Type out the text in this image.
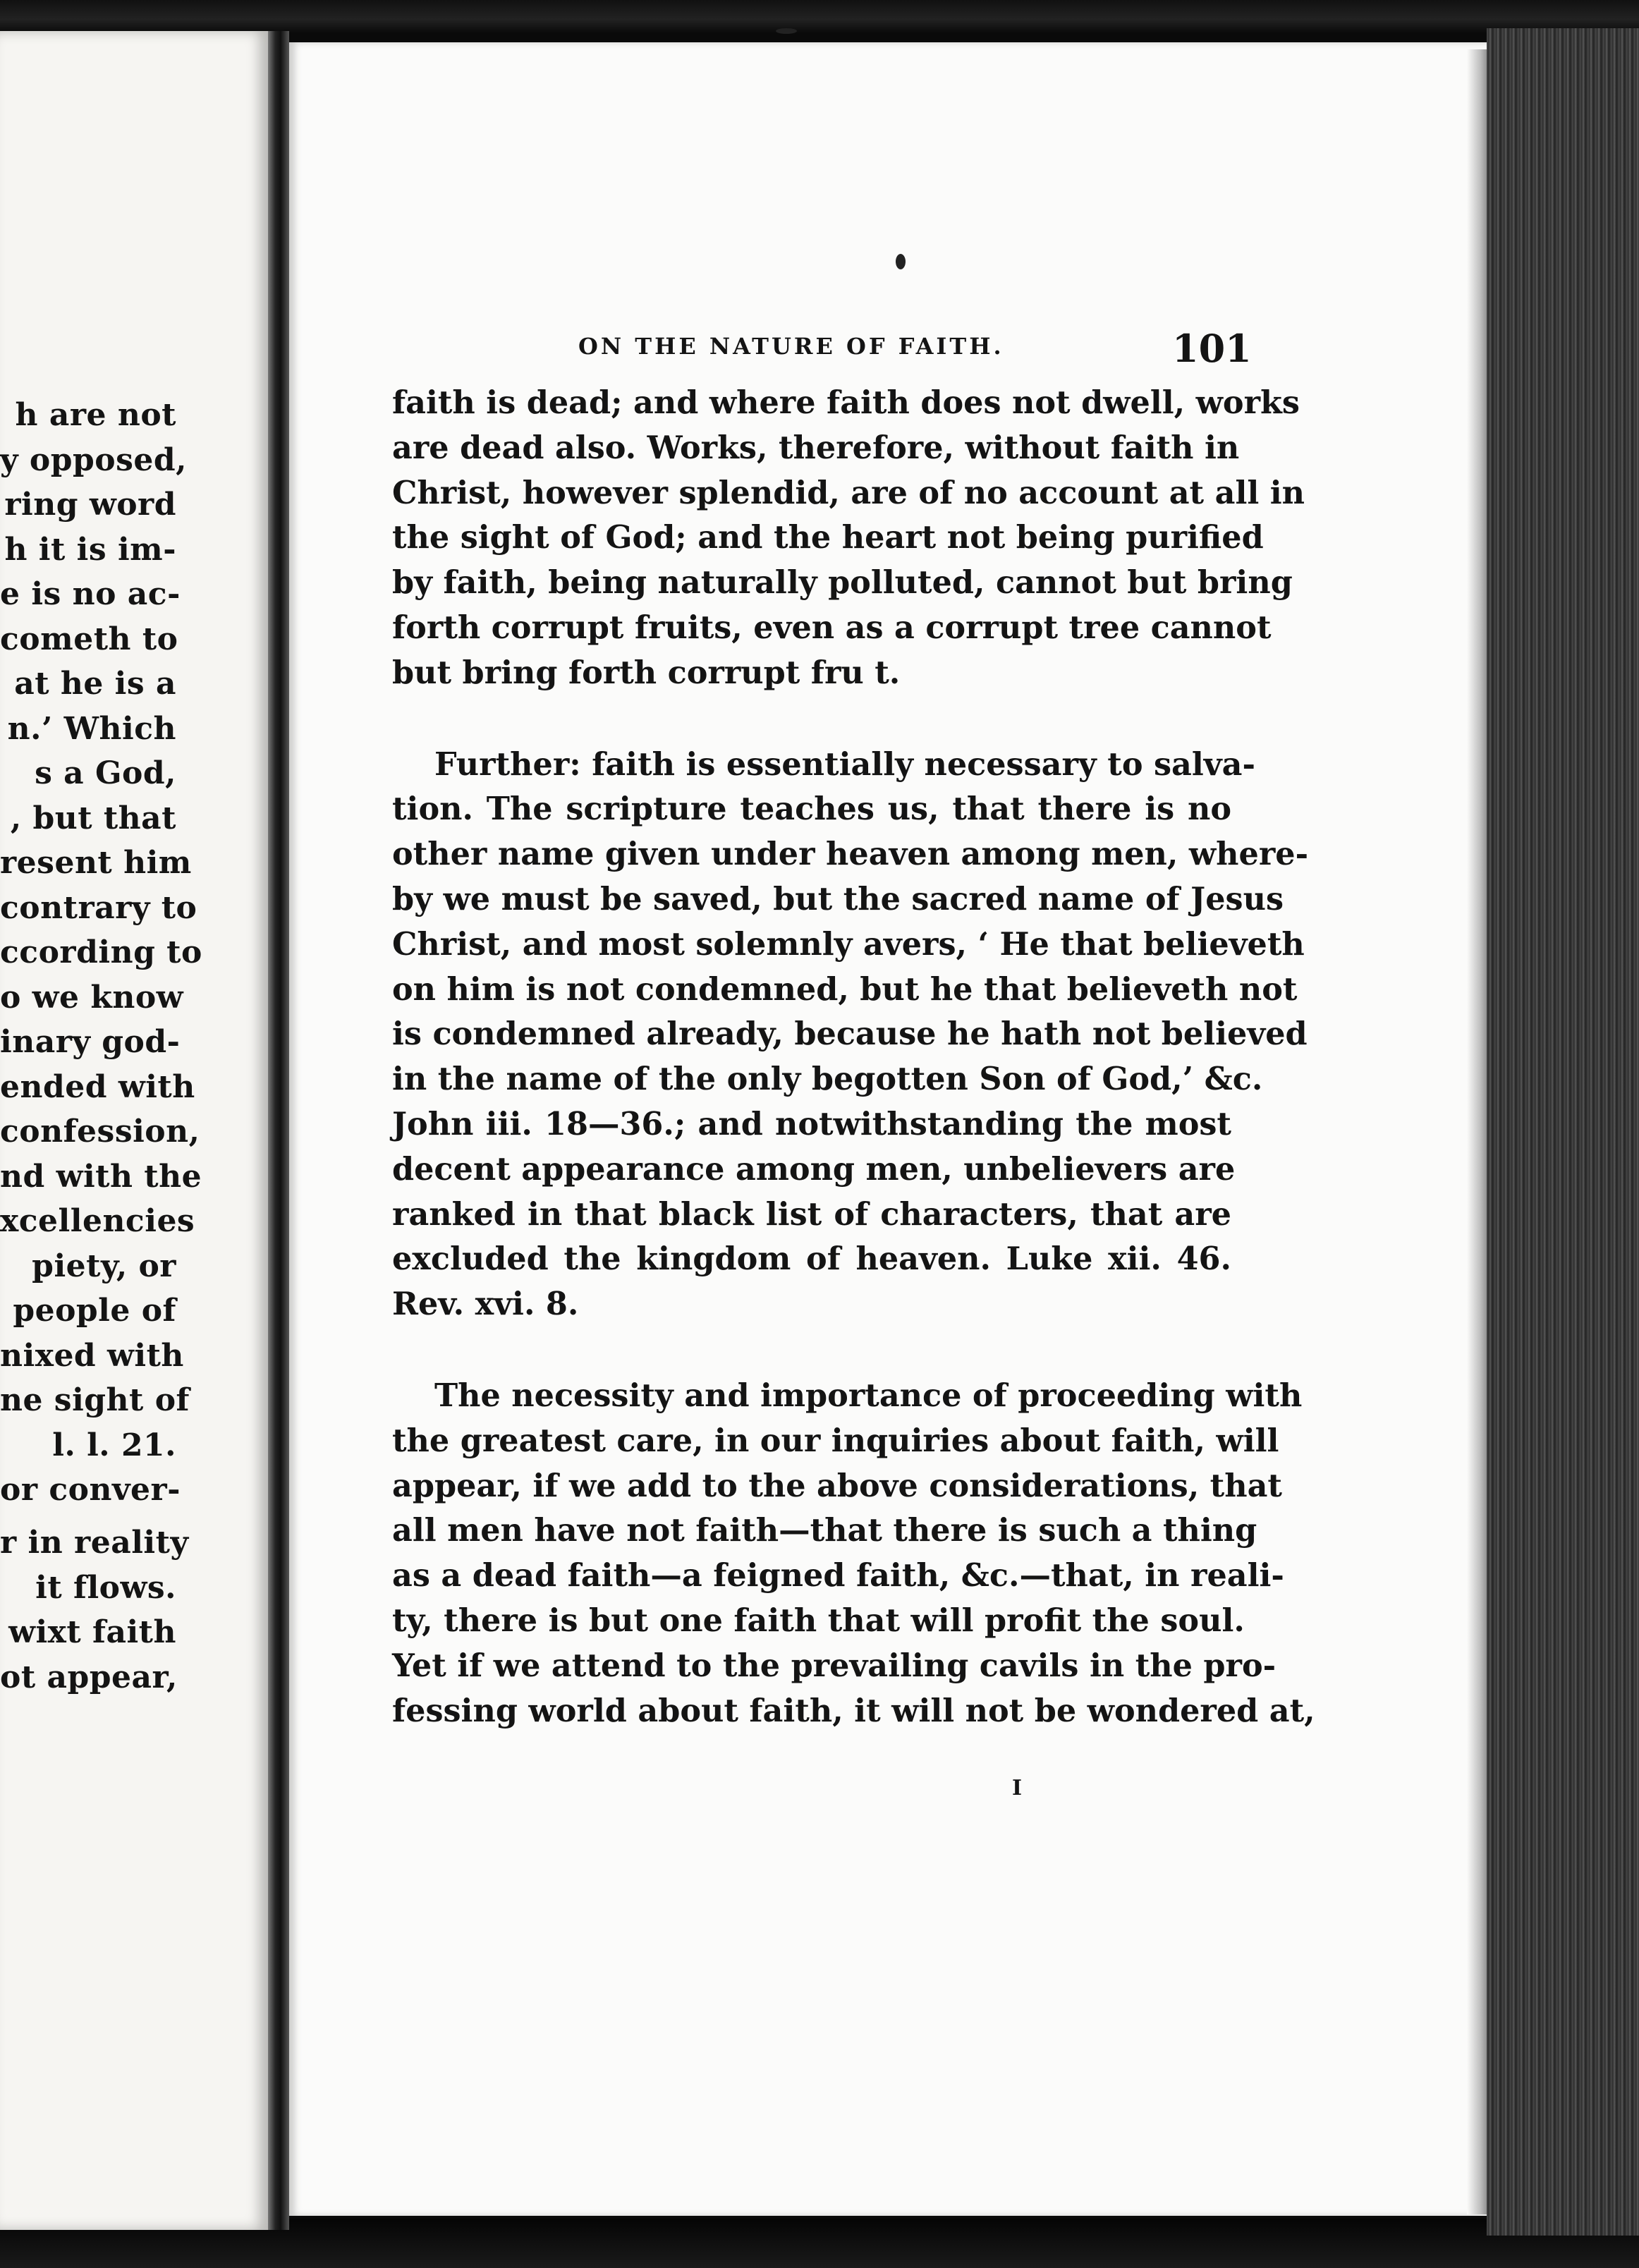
h are not
y opposed,
ring word
h it is im-
e is no ac-
cometh to
at he is a
n.’ Which
s a God,
, but that
resent him
contrary to
ccording to
o we know
inary god-
ended with
confession,
nd with the
xcellencies
piety, or
people of
nixed with
ne sight of
l. l. 21.
or conver-
r in reality
it flows.
wixt faith
ot appear,
ON THE NATURE OF FAITH.	101
faith is dead; and where faith does not dwell, works
are dead also. Works, therefore, without faith in
Christ, however splendid, are of no account at all in
the sight of God; and the heart not being purified
by faith, being naturally polluted, cannot but bring
forth corrupt fruits, even as a corrupt tree cannot
but bring forth corrupt fru t.
Further: faith is essentially necessary to salva-
tion. The scripture teaches us, that there is no
other name given under heaven among men, where-
by we must be saved, but the sacred name of Jesus
Christ, and most solemnly avers, ‘ He that believeth
on him is not condemned, but he that believeth not
is condemned already, because he hath not believed
in the name of the only begotten Son of God,’ &c.
John iii. 18—36.; and notwithstanding the most
decent appearance among men, unbelievers are
ranked in that black list of characters, that are
excluded the kingdom of heaven. Luke xii. 46.
Rev. xvi. 8.
The necessity and importance of proceeding with
the greatest care, in our inquiries about faith, will
appear, if we add to the above considerations, that
all men have not faith—that there is such a thing
as a dead faith—a feigned faith, &c.—that, in reali-
ty, there is but one faith that will profit the soul.
Yet if we attend to the prevailing cavils in the pro-
fessing world about faith, it will not be wondered at,
I
